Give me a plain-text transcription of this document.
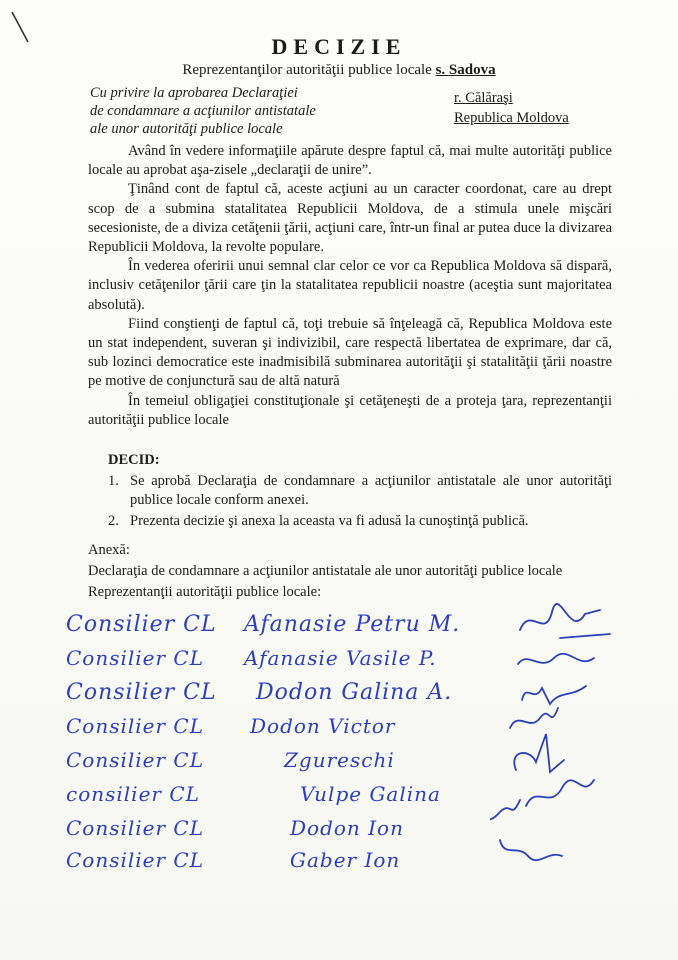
DECIZIE
Reprezentanţilor autorităţii publice locale s. Sadova
Cu privire la aprobarea Declaraţiei
de condamnare a acţiunilor antistatale
ale unor autorităţi publice locale
r. Călăraşi
Republica Moldova

Având în vedere informaţiile apărute despre faptul că, mai multe autorităţi publice locale au aprobat aşa-zisele „declaraţii de unire”.

Ţinând cont de faptul că, aceste acţiuni au un caracter coordonat, care au drept scop de a submina statalitatea Republicii Moldova, de a stimula unele mişcări secesioniste, de a diviza cetăţenii ţării, acţiuni care, într-un final ar putea duce la divizarea Republicii Moldova, la revolte populare.

În vederea oferirii unui semnal clar celor ce vor ca Republica Moldova să dispară, inclusiv cetăţenilor ţării care ţin la statalitatea republicii noastre (aceştia sunt majoritatea absolută).

Fiind conştienţi de faptul că, toţi trebuie să înţeleagă că, Republica Moldova este un stat independent, suveran şi indivizibil, care respectă libertatea de exprimare, dar că, sub lozinci democratice este inadmisibilă subminarea autorităţii şi statalităţii ţării noastre pe motive de conjunctură sau de altă natură

În temeiul obligaţiei constituţionale şi cetăţeneşti de a proteja ţara, reprezentanţii autorităţii publice locale

DECID:
1. Se aprobă Declaraţia de condamnare a acţiunilor antistatale ale unor autorităţi publice locale conform anexei.
2. Prezenta decizie şi anexa la aceasta va fi adusă la cunoştinţă publică.
Anexă:
Declaraţia de condamnare a acţiunilor antistatale ale unor autorităţi publice locale
Reprezentanţii autorităţii publice locale:
Consilier CL Afanasie Petru M.
Consilier CL Afanasie Vasile P.
Consilier CL Dodon Galina A.
Consilier CL Dodon Victor
Consilier CL	Zgureschi
consilier CL	Vulpe Galina
Consilier CL	Dodon Ion
Consilier CL	Gaber Ion
